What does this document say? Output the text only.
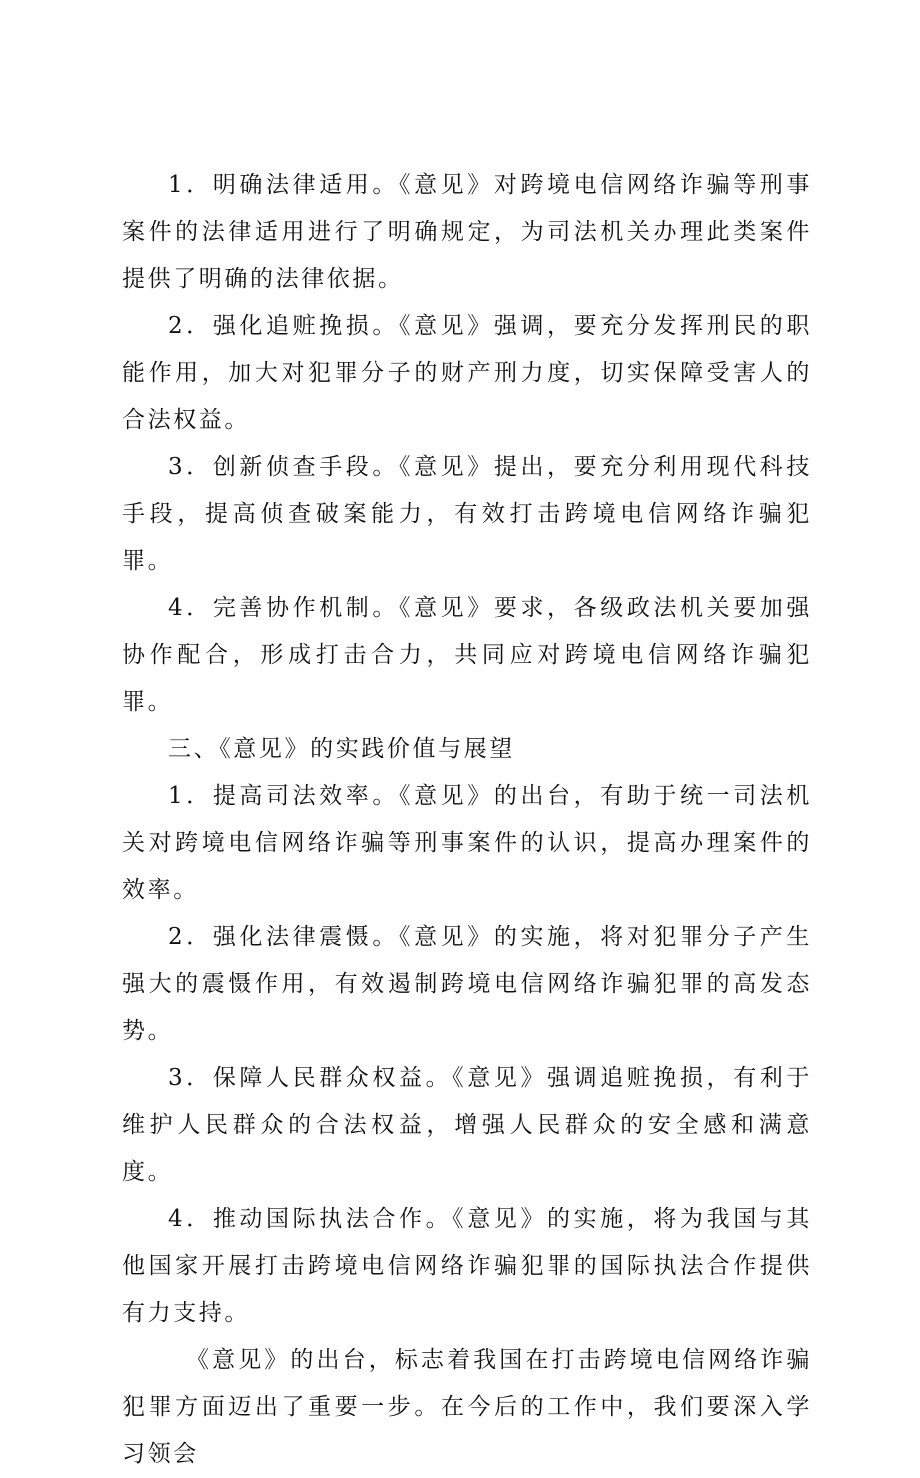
1．明确法律适用。《意见》对跨境电信网络诈骗等刑事案件的法律适用进行了明确规定，为司法机关办理此类案件提供了明确的法律依据。

2．强化追赃挽损。《意见》强调，要充分发挥刑民的职能作用，加大对犯罪分子的财产刑力度，切实保障受害人的合法权益。

3．创新侦查手段。《意见》提出，要充分利用现代科技手段，提高侦查破案能力，有效打击跨境电信网络诈骗犯罪。

4．完善协作机制。《意见》要求，各级政法机关要加强协作配合，形成打击合力，共同应对跨境电信网络诈骗犯罪。

三、《意见》的实践价值与展望

1．提高司法效率。《意见》的出台，有助于统一司法机关对跨境电信网络诈骗等刑事案件的认识，提高办理案件的效率。

2．强化法律震慑。《意见》的实施，将对犯罪分子产生强大的震慑作用，有效遏制跨境电信网络诈骗犯罪的高发态势。

3．保障人民群众权益。《意见》强调追赃挽损，有利于维护人民群众的合法权益，增强人民群众的安全感和满意度。

4．推动国际执法合作。《意见》的实施，将为我国与其他国家开展打击跨境电信网络诈骗犯罪的国际执法合作提供有力支持。

《意见》的出台，标志着我国在打击跨境电信网络诈骗犯罪方面迈出了重要一步。在今后的工作中，我们要深入学习领会
